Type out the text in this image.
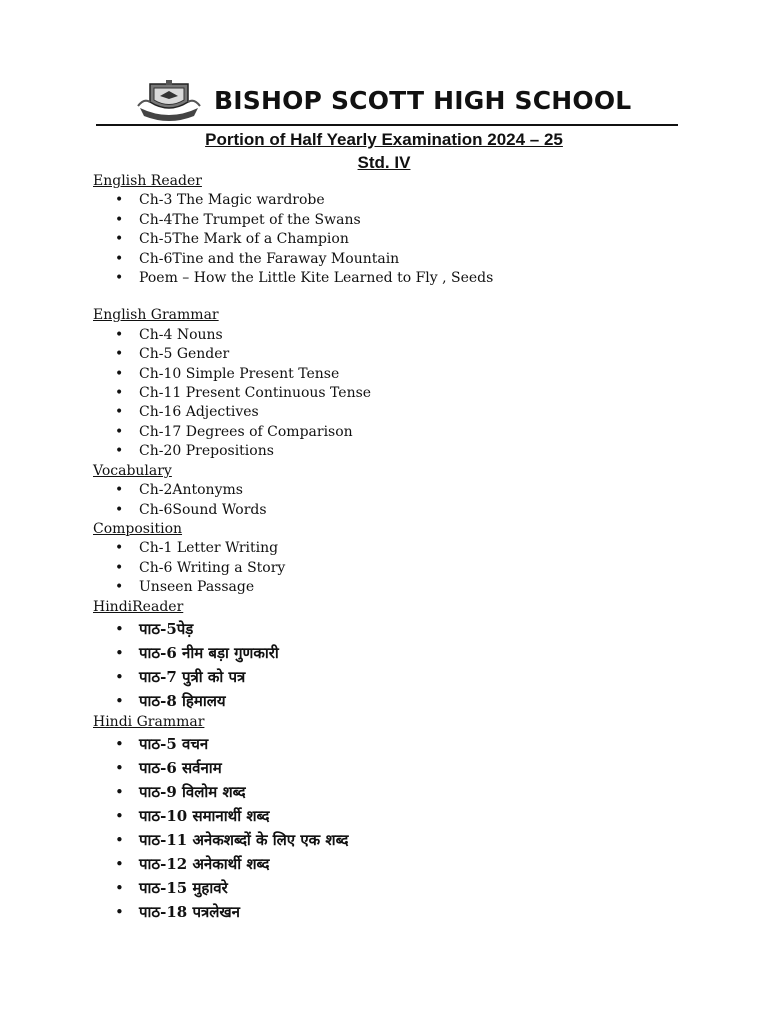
BISHOP SCOTT HIGH SCHOOL
Portion of Half Yearly Examination 2024 – 25
Std. IV
English Reader
• Ch-3 The Magic wardrobe
• Ch-4The Trumpet of the Swans
• Ch-5The Mark of a Champion
• Ch-6Tine and the Faraway Mountain
• Poem – How the Little Kite Learned to Fly , Seeds
English Grammar
• Ch-4 Nouns
• Ch-5 Gender
• Ch-10 Simple Present Tense
• Ch-11 Present Continuous Tense
• Ch-16 Adjectives
• Ch-17 Degrees of Comparison
• Ch-20 Prepositions
Vocabulary
• Ch-2Antonyms
• Ch-6Sound Words
Composition
• Ch-1 Letter Writing
• Ch-6 Writing a Story
• Unseen Passage
HindiReader
• पाठ-5पेड़
• पाठ-6 नीम बड़ा गुणकारी
• पाठ-7 पुत्री को पत्र
• पाठ-8 हिमालय
Hindi Grammar
• पाठ-5 वचन
• पाठ-6 सर्वनाम
• पाठ-9 विलोम शब्द
• पाठ-10 समानार्थी शब्द
• पाठ-11 अनेकशब्दों के लिए एक शब्द
• पाठ-12 अनेकार्थी शब्द
• पाठ-15 मुहावरे
• पाठ-18 पत्रलेखन
